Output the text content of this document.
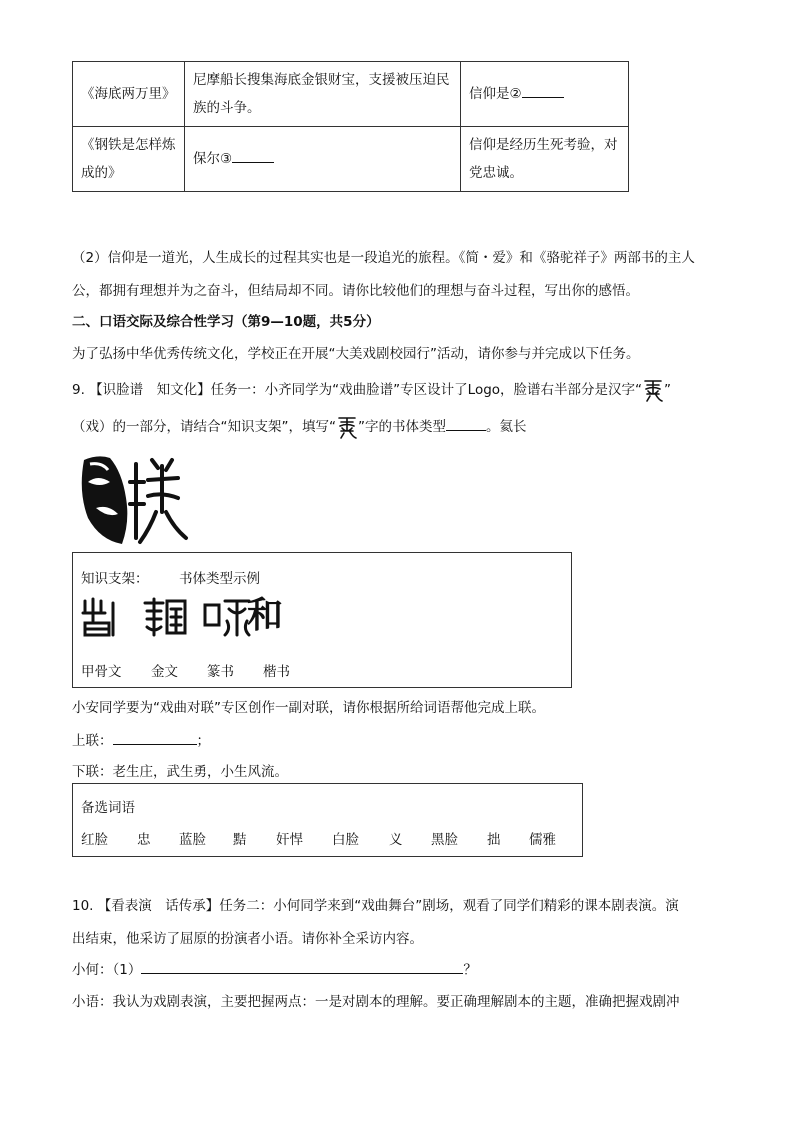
《海底两万里》	尼摩船长搜集海底金银财宝，支援被压迫民族的斗争。	信仰是②
《钢铁是怎样炼成的》	保尔③	信仰是经历生死考验，对党忠诚。
（2）信仰是一道光，人生成长的过程其实也是一段追光的旅程。《简・爱》和《骆驼祥子》两部书的主人
公，都拥有理想并为之奋斗，但结局却不同。请你比较他们的理想与奋斗过程，写出你的感悟。
二、口语交际及综合性学习（第9—10题，共5分）
为了弘扬中华优秀传统文化，学校正在开展“大美戏剧校园行”活动，请你参与并完成以下任务。
9. 【识脸谱　知文化】任务一：小齐同学为“戏曲脸谱”专区设计了Logo，脸谱右半部分是汉字“ ”
（戏）的一部分，请结合“知识支架”，填写“ ”字的书体类型	。氦长
知识支架： 书体类型示例
和
甲骨文 金文 篆书 楷书
小安同学要为“戏曲对联”专区创作一副对联，请你根据所给词语帮他完成上联。
上联：	；
下联：老生庄，武生勇，小生风流。
备选词语
红脸 忠 蓝脸 黠 奸悍 白脸 义 黑脸 拙 儒雅
10. 【看表演　话传承】任务二：小何同学来到“戏曲舞台”剧场，观看了同学们精彩的课本剧表演。演
出结束，他采访了屈原的扮演者小语。请你补全采访内容。
小何：（1）	？
小语：我认为戏剧表演，主要把握两点：一是对剧本的理解。要正确理解剧本的主题，准确把握戏剧冲
